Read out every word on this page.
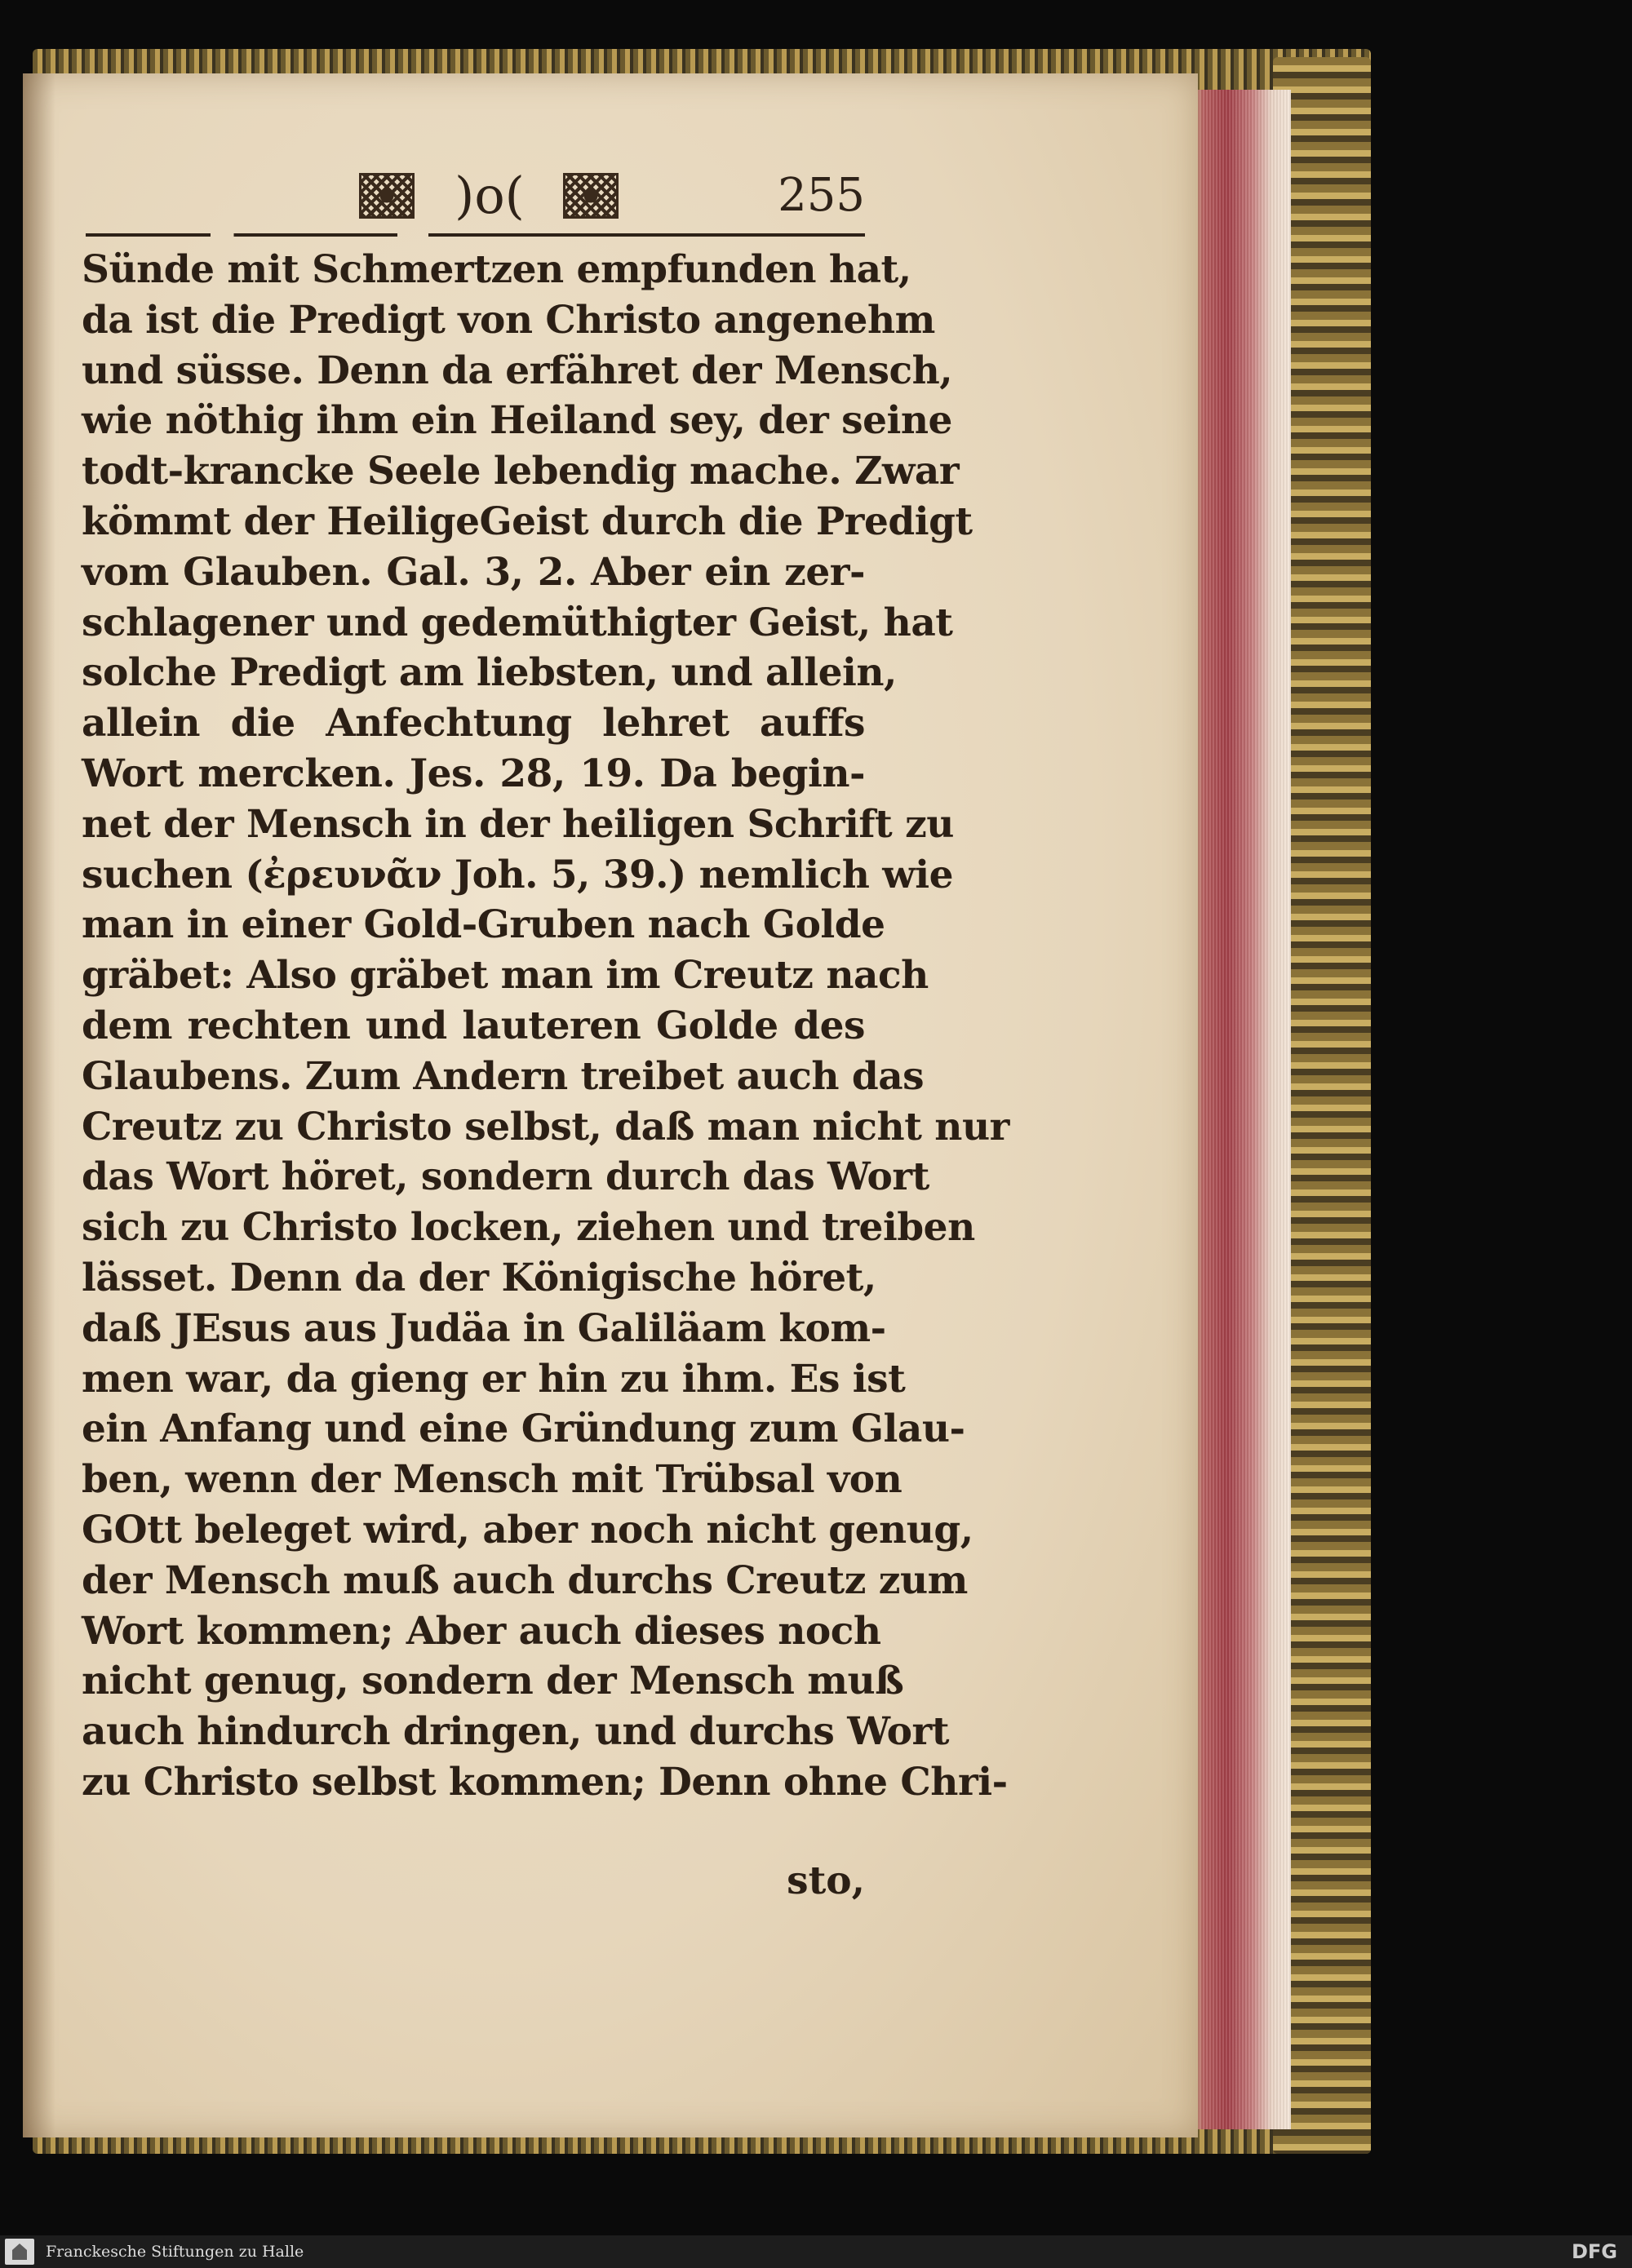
)o(	255
Sünde mit Schmertzen empfunden hat,
da ist die Predigt von Christo angenehm
und süsse. Denn da erfähret der Mensch,
wie nöthig ihm ein Heiland sey, der seine
todt-krancke Seele lebendig mache. Zwar
kömmt der HeiligeGeist durch die Predigt
vom Glauben. Gal. 3, 2. Aber ein zer-
schlagener und gedemüthigter Geist, hat
solche Predigt am liebsten, und allein,
allein die Anfechtung lehret auffs
Wort mercken. Jes. 28, 19. Da begin-
net der Mensch in der heiligen Schrift zu
suchen (ἐρευνᾶν Joh. 5, 39.) nemlich wie
man in einer Gold-Gruben nach Golde
gräbet: Also gräbet man im Creutz nach
dem rechten und lauteren Golde des
Glaubens. Zum Andern treibet auch das
Creutz zu Christo selbst, daß man nicht nur
das Wort höret, sondern durch das Wort
sich zu Christo locken, ziehen und treiben
lässet. Denn da der Königische höret,
daß JEsus aus Judäa in Galiläam kom-
men war, da gieng er hin zu ihm. Es ist
ein Anfang und eine Gründung zum Glau-
ben, wenn der Mensch mit Trübsal von
GOtt beleget wird, aber noch nicht genug,
der Mensch muß auch durchs Creutz zum
Wort kommen; Aber auch dieses noch
nicht genug, sondern der Mensch muß
auch hindurch dringen, und durchs Wort
zu Christo selbst kommen; Denn ohne Chri-
sto,
Franckesche Stiftungen zu Halle	DFG
